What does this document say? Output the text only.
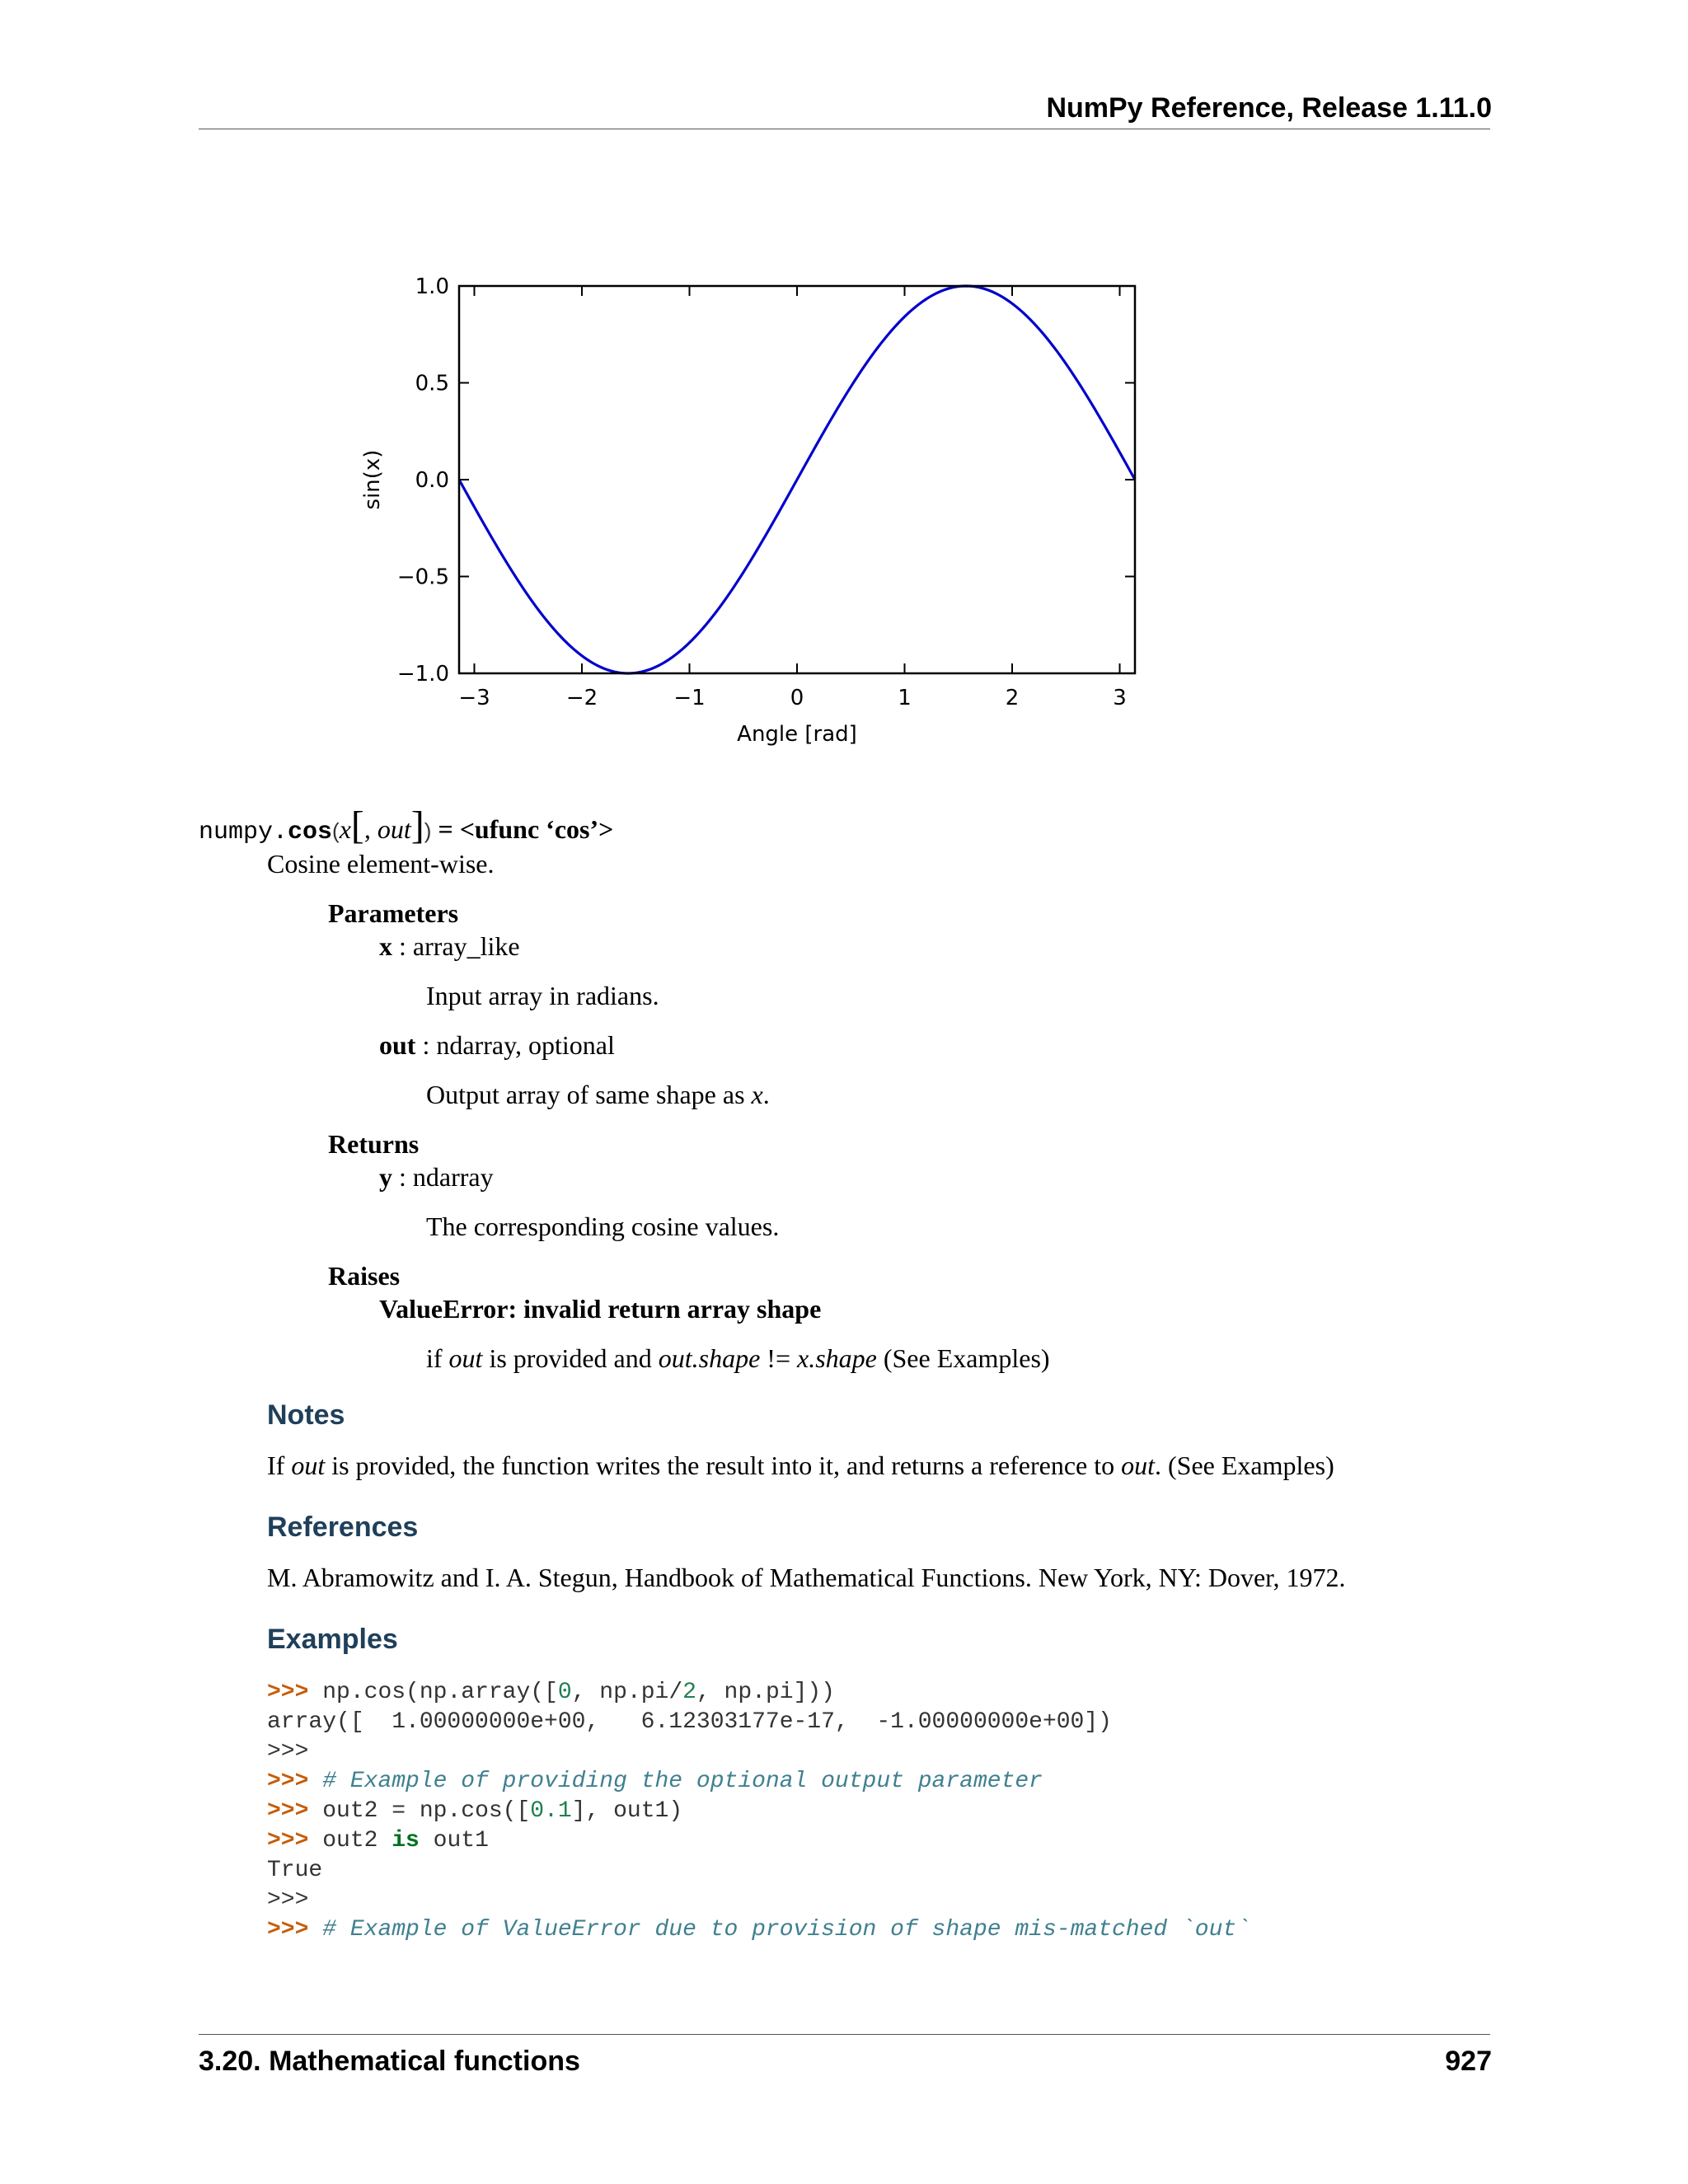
NumPy Reference, Release 1.11.0
−3	−2	−1	0	1	2	3
−1.0
−0.5
0.0
0.5
1.0
Angle [rad]
sin(x)
numpy.cos(x[, out]) = <ufunc ‘cos’>
Cosine element-wise.
Parameters
x : array_like
Input array in radians.
out : ndarray, optional
Output array of same shape as x.
Returns
y : ndarray
The corresponding cosine values.
Raises
ValueError: invalid return array shape
if out is provided and out.shape != x.shape (See Examples)
Notes
If out is provided, the function writes the result into it, and returns a reference to out. (See Examples)
References
M. Abramowitz and I. A. Stegun, Handbook of Mathematical Functions. New York, NY: Dover, 1972.
Examples
>>> np.cos(np.array([0, np.pi/2, np.pi]))
array([  1.00000000e+00,   6.12303177e-17,  -1.00000000e+00])
>>>
>>> # Example of providing the optional output parameter
>>> out2 = np.cos([0.1], out1)
>>> out2 is out1
True
>>>
>>> # Example of ValueError due to provision of shape mis-matched `out`
3.20. Mathematical functions	927
